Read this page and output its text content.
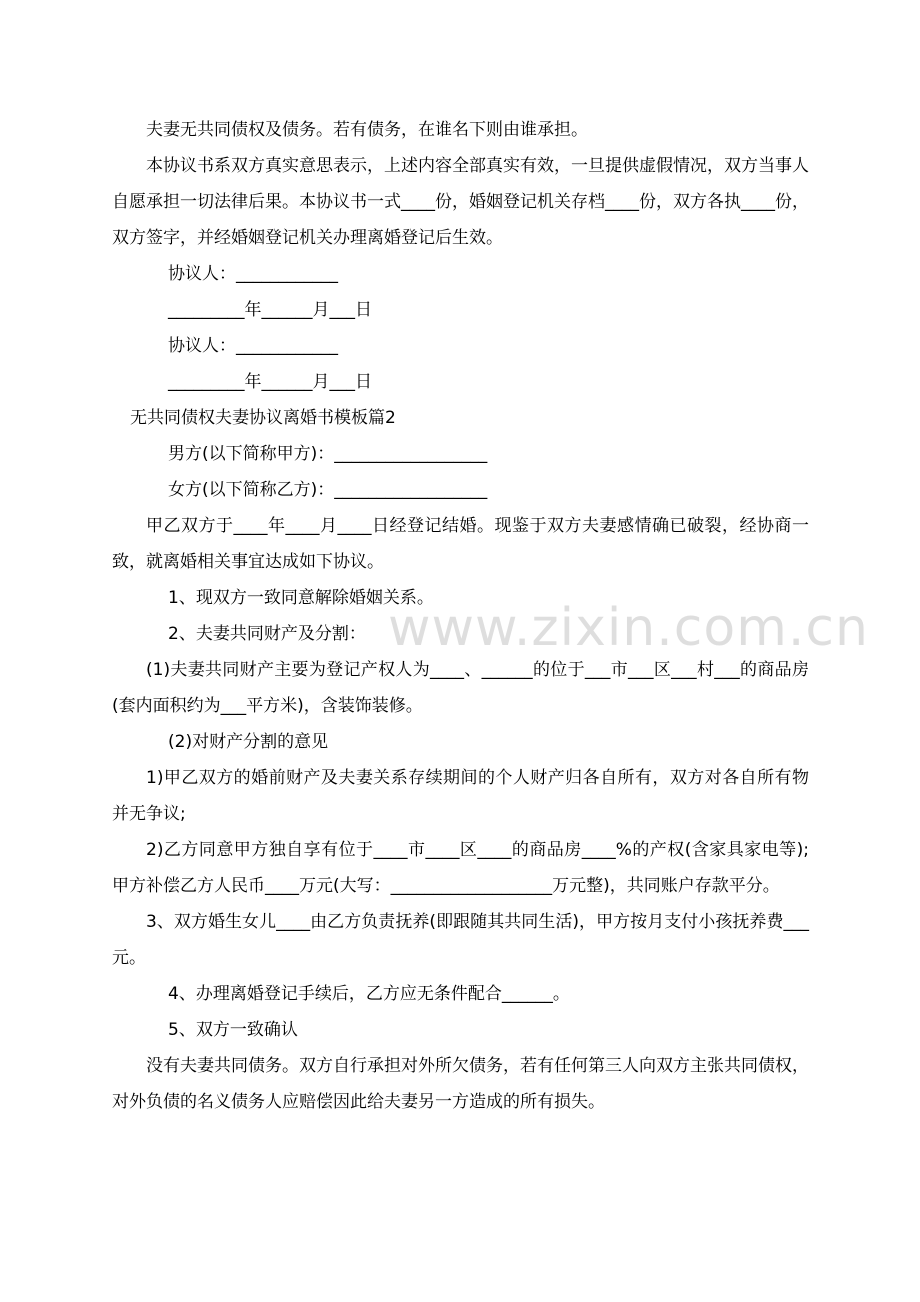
夫妻无共同债权及债务。若有债务，在谁名下则由谁承担。

本协议书系双方真实意思表示，上述内容全部真实有效，一旦提供虚假情况，双方当事人自愿承担一切法律后果。本协议书一式____份，婚姻登记机关存档____份，双方各执____份，双方签字，并经婚姻登记机关办理离婚登记后生效。

协议人：____________
_________年______月___日
协议人：____________
_________年______月___日
无共同债权夫妻协议离婚书模板篇2
男方(以下简称甲方)：__________________
女方(以下简称乙方)：__________________

甲乙双方于____年____月____日经登记结婚。现鉴于双方夫妻感情确已破裂，经协商一致，就离婚相关事宜达成如下协议。

1、现双方一致同意解除婚姻关系。
2、夫妻共同财产及分割：

(1)夫妻共同财产主要为登记产权人为____、______的位于___市___区___村___的商品房(套内面积约为___平方米)，含装饰装修。

(2)对财产分割的意见

1)甲乙双方的婚前财产及夫妻关系存续期间的个人财产归各自所有，双方对各自所有物并无争议;

2)乙方同意甲方独自享有位于____市____区____的商品房____%的产权(含家具家电等);甲方补偿乙方人民币____万元(大写：___________________万元整)，共同账户存款平分。

3、双方婚生女儿____由乙方负责抚养(即跟随其共同生活)，甲方按月支付小孩抚养费___元。

4、办理离婚登记手续后，乙方应无条件配合______。
5、双方一致确认

没有夫妻共同债务。双方自行承担对外所欠债务，若有任何第三人向双方主张共同债权，对外负债的名义债务人应赔偿因此给夫妻另一方造成的所有损失。

www.zixin.com.cn
